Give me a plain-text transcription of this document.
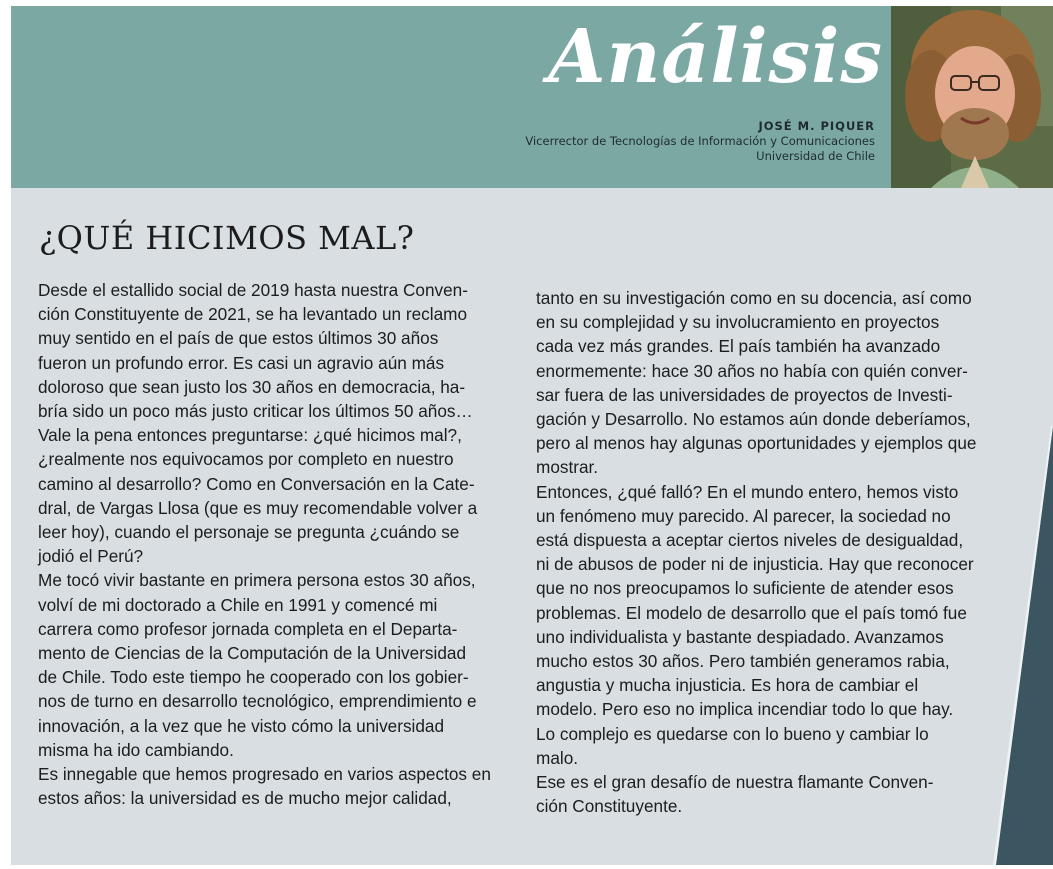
Análisis
JOSÉ M. PIQUER
Vicerrector de Tecnologías de Información y Comunicaciones
Universidad de Chile
¿QUÉ HICIMOS MAL?

Desde el estallido social de 2019 hasta nuestra Conven-

ción Constituyente de 2021, se ha levantado un reclamo

muy sentido en el país de que estos últimos 30 años

fueron un profundo error. Es casi un agravio aún más

doloroso que sean justo los 30 años en democracia, ha-

bría sido un poco más justo criticar los últimos 50 años…

Vale la pena entonces preguntarse: ¿qué hicimos mal?,

¿realmente nos equivocamos por completo en nuestro

camino al desarrollo? Como en Conversación en la Cate-

dral, de Vargas Llosa (que es muy recomendable volver a

leer hoy), cuando el personaje se pregunta ¿cuándo se

jodió el Perú?

Me tocó vivir bastante en primera persona estos 30 años,

volví de mi doctorado a Chile en 1991 y comencé mi

carrera como profesor jornada completa en el Departa-

mento de Ciencias de la Computación de la Universidad

de Chile. Todo este tiempo he cooperado con los gobier-

nos de turno en desarrollo tecnológico, emprendimiento e

innovación, a la vez que he visto cómo la universidad

misma ha ido cambiando.

Es innegable que hemos progresado en varios aspectos en

estos años: la universidad es de mucho mejor calidad,

tanto en su investigación como en su docencia, así como

en su complejidad y su involucramiento en proyectos

cada vez más grandes. El país también ha avanzado

enormemente: hace 30 años no había con quién conver-

sar fuera de las universidades de proyectos de Investi-

gación y Desarrollo. No estamos aún donde deberíamos,

pero al menos hay algunas oportunidades y ejemplos que

mostrar.

Entonces, ¿qué falló? En el mundo entero, hemos visto

un fenómeno muy parecido. Al parecer, la sociedad no

está dispuesta a aceptar ciertos niveles de desigualdad,

ni de abusos de poder ni de injusticia. Hay que reconocer

que no nos preocupamos lo suficiente de atender esos

problemas. El modelo de desarrollo que el país tomó fue

uno individualista y bastante despiadado. Avanzamos

mucho estos 30 años. Pero también generamos rabia,

angustia y mucha injusticia. Es hora de cambiar el

modelo. Pero eso no implica incendiar todo lo que hay.

Lo complejo es quedarse con lo bueno y cambiar lo

malo.

Ese es el gran desafío de nuestra flamante Conven-

ción Constituyente.
